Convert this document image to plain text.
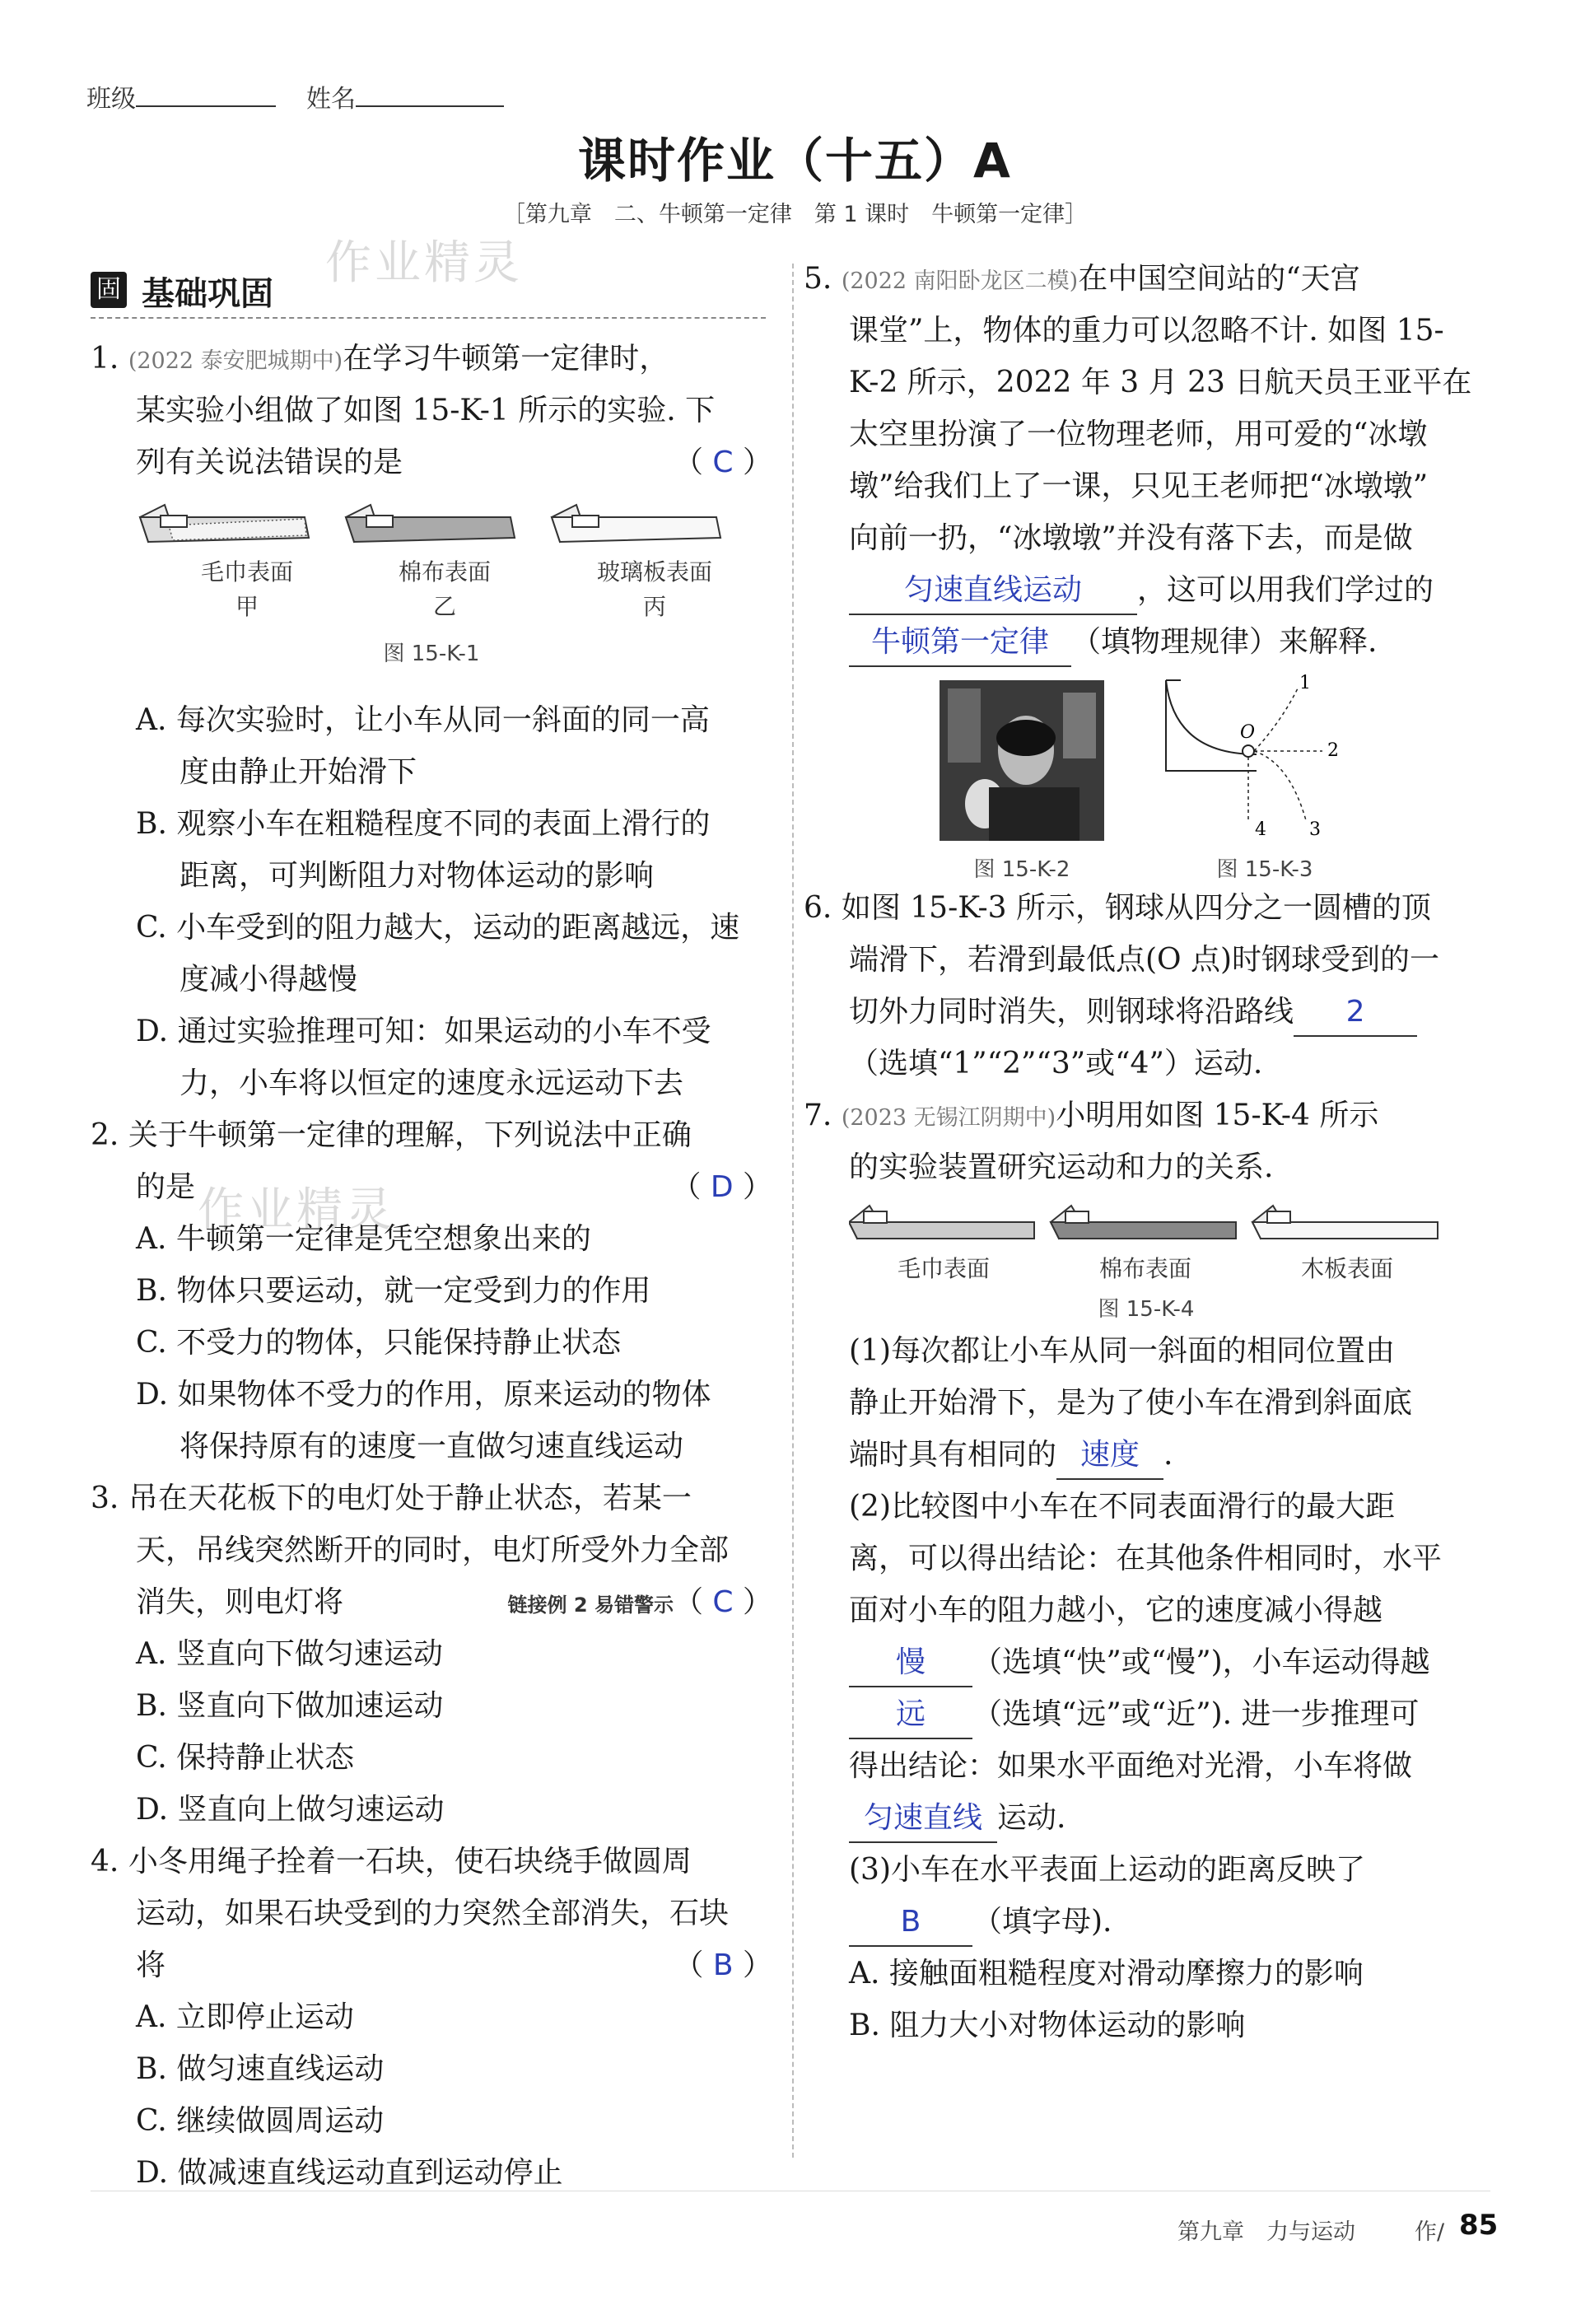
班级	姓名
课时作业（十五）A
［第九章　二、牛顿第一定律　第 1 课时　牛顿第一定律］
作业精灵
作业精灵
固 基础巩固
1. (2022 泰安肥城期中)在学习牛顿第一定律时，
某实验小组做了如图 15-K-1 所示的实验. 下
列有关说法错误的是	（ C ）
毛巾表面	棉布表面	玻璃板表面
甲	乙	丙
图 15-K-1
A. 每次实验时，让小车从同一斜面的同一高
度由静止开始滑下
B. 观察小车在粗糙程度不同的表面上滑行的
距离，可判断阻力对物体运动的影响
C. 小车受到的阻力越大，运动的距离越远，速
度减小得越慢
D. 通过实验推理可知：如果运动的小车不受
力，小车将以恒定的速度永远运动下去
2. 关于牛顿第一定律的理解，下列说法中正确
的是	（ D ）
A. 牛顿第一定律是凭空想象出来的
B. 物体只要运动，就一定受到力的作用
C. 不受力的物体，只能保持静止状态
D. 如果物体不受力的作用，原来运动的物体
将保持原有的速度一直做匀速直线运动
3. 吊在天花板下的电灯处于静止状态，若某一
天，吊线突然断开的同时，电灯所受外力全部
消失，则电灯将	链接例 2 易错警示（ C ）
A. 竖直向下做匀速运动
B. 竖直向下做加速运动
C. 保持静止状态
D. 竖直向上做匀速运动
4. 小冬用绳子拴着一石块，使石块绕手做圆周
运动，如果石块受到的力突然全部消失，石块
将	（ B ）
A. 立即停止运动
B. 做匀速直线运动
C. 继续做圆周运动
D. 做减速直线运动直到运动停止
5. (2022 南阳卧龙区二模)在中国空间站的“天宫
课堂”上，物体的重力可以忽略不计. 如图 15-
K-2 所示，2022 年 3 月 23 日航天员王亚平在
太空里扮演了一位物理老师，用可爱的“冰墩
墩”给我们上了一课，只见王老师把“冰墩墩”
向前一扔，“冰墩墩”并没有落下去，而是做
匀速直线运动 ，这可以用我们学过的
牛顿第一定律 （填物理规律）来解释.
O
1
2
3
4
图 15-K-2	图 15-K-3
6. 如图 15-K-3 所示，钢球从四分之一圆槽的顶
端滑下，若滑到最低点(O 点)时钢球受到的一
切外力同时消失，则钢球将沿路线 2
（选填“1”“2”“3”或“4”）运动.
7. (2023 无锡江阴期中)小明用如图 15-K-4 所示
的实验装置研究运动和力的关系.
毛巾表面	棉布表面	木板表面
图 15-K-4
(1)每次都让小车从同一斜面的相同位置由
静止开始滑下，是为了使小车在滑到斜面底
端时具有相同的 速度 .
(2)比较图中小车在不同表面滑行的最大距
离，可以得出结论：在其他条件相同时，水平
面对小车的阻力越小，它的速度减小得越
慢 （选填“快”或“慢”)，小车运动得越
远 （选填“远”或“近”). 进一步推理可
得出结论：如果水平面绝对光滑，小车将做
匀速直线 运动.
(3)小车在水平表面上运动的距离反映了
B （填字母).
A. 接触面粗糙程度对滑动摩擦力的影响
B. 阻力大小对物体运动的影响
第九章　力与运动	作/ 85
